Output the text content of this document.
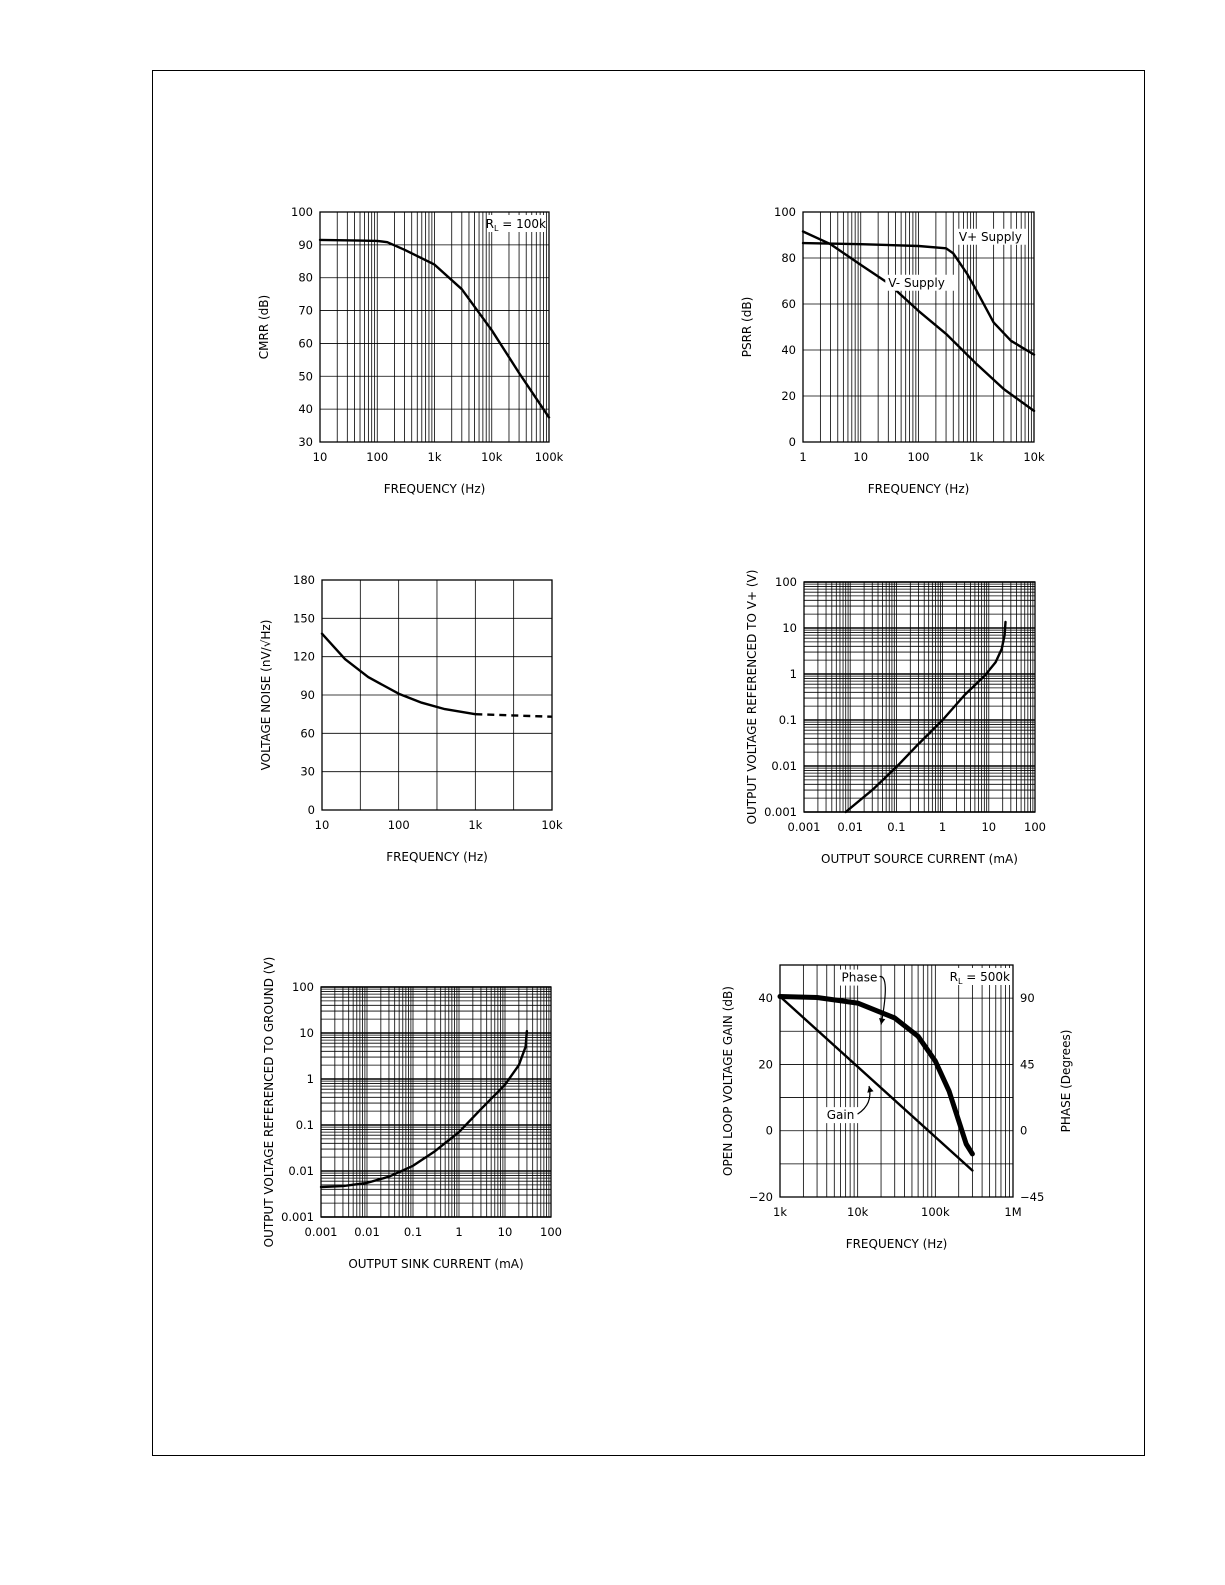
10	100	1k	10k	100k
30
40
50
60
70
80
90
100
FREQUENCY (Hz)
CMRR (dB)
$R_L = 100k$
1	10	100	1k	10k
0
20
40
60
80
100
FREQUENCY (Hz)
PSRR (dB)
V+ Supply
V- Supply
10	100	1k	10k
0
30
60
90
120
150
180
FREQUENCY (Hz)
VOLTAGE NOISE (nV/√Hz)
0.001 0.01 0.1	1	10 100
0.001
0.01
0.1
1
10
100
OUTPUT SOURCE CURRENT (mA)
OUTPUT VOLTAGE REFERENCED TO V+ (V)
0.001 0.01 0.1	1	10 100
0.001
0.01
0.1
1
10
100
OUTPUT SINK CURRENT (mA)
OUTPUT VOLTAGE REFERENCED TO GROUND (V)	1k	10k	100k	1M
−20
0
20
40
−45
0
45
90
FREQUENCY (Hz)
OPEN LOOP VOLTAGE GAIN (dB)	PHASE (Degrees)
$R_L = 500k$
Phase
Gain
